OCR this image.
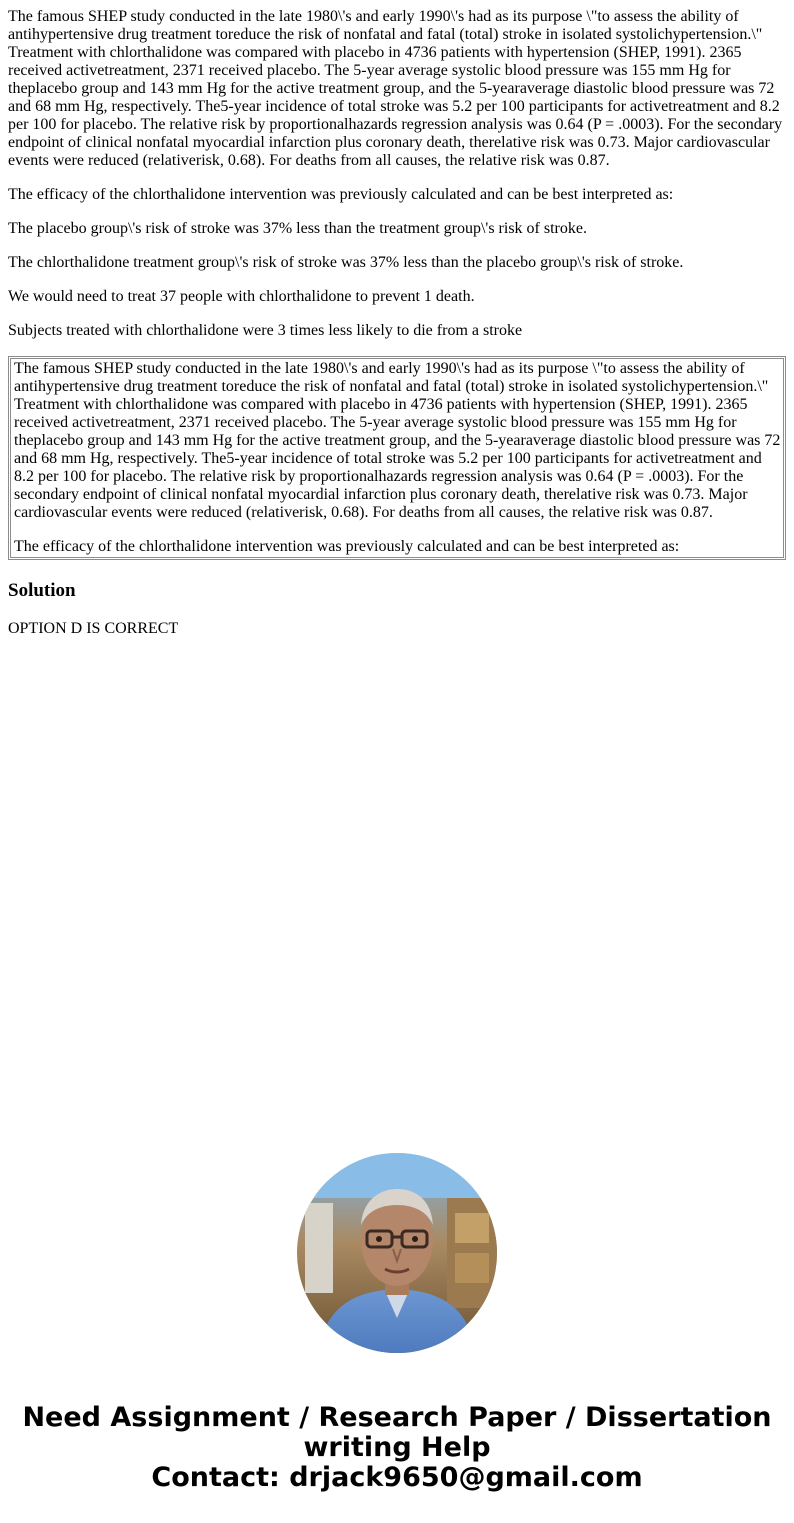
The famous SHEP study conducted in the late 1980\'s and early 1990\'s had as its purpose \"to assess the ability of antihypertensive drug treatment toreduce the risk of nonfatal and fatal (total) stroke in isolated systolichypertension.\" Treatment with chlorthalidone was compared with placebo in 4736 patients with hypertension (SHEP, 1991). 2365 received activetreatment, 2371 received placebo. The 5-year average systolic blood pressure was 155 mm Hg for theplacebo group and 143 mm Hg for the active treatment group, and the 5-yearaverage diastolic blood pressure was 72 and 68 mm Hg, respectively. The5-year incidence of total stroke was 5.2 per 100 participants for activetreatment and 8.2 per 100 for placebo. The relative risk by proportionalhazards regression analysis was 0.64 (P = .0003). For the secondary endpoint of clinical nonfatal myocardial infarction plus coronary death, therelative risk was 0.73. Major cardiovascular events were reduced (relativerisk, 0.68). For deaths from all causes, the relative risk was 0.87.

The efficacy of the chlorthalidone intervention was previously calculated and can be best interpreted as:

The placebo group\'s risk of stroke was 37% less than the treatment group\'s risk of stroke.

The chlorthalidone treatment group\'s risk of stroke was 37% less than the placebo group\'s risk of stroke.

We would need to treat 37 people with chlorthalidone to prevent 1 death.

Subjects treated with chlorthalidone were 3 times less likely to die from a stroke

The famous SHEP study conducted in the late 1980\'s and early 1990\'s had as its purpose \"to assess the ability of antihypertensive drug treatment toreduce the risk of nonfatal and fatal (total) stroke in isolated systolichypertension.\" Treatment with chlorthalidone was compared with placebo in 4736 patients with hypertension (SHEP, 1991). 2365 received activetreatment, 2371 received placebo. The 5-year average systolic blood pressure was 155 mm Hg for theplacebo group and 143 mm Hg for the active treatment group, and the 5-yearaverage diastolic blood pressure was 72 and 68 mm Hg, respectively. The5-year incidence of total stroke was 5.2 per 100 participants for activetreatment and 8.2 per 100 for placebo. The relative risk by proportionalhazards regression analysis was 0.64 (P = .0003). For the secondary endpoint of clinical nonfatal myocardial infarction plus coronary death, therelative risk was 0.73. Major cardiovascular events were reduced (relativerisk, 0.68). For deaths from all causes, the relative risk was 0.87.

The efficacy of the chlorthalidone intervention was previously calculated and can be best interpreted as:

Solution

OPTION D IS CORRECT

Need Assignment / Research Paper / Dissertation
writing Help
Contact: drjack9650@gmail.com
